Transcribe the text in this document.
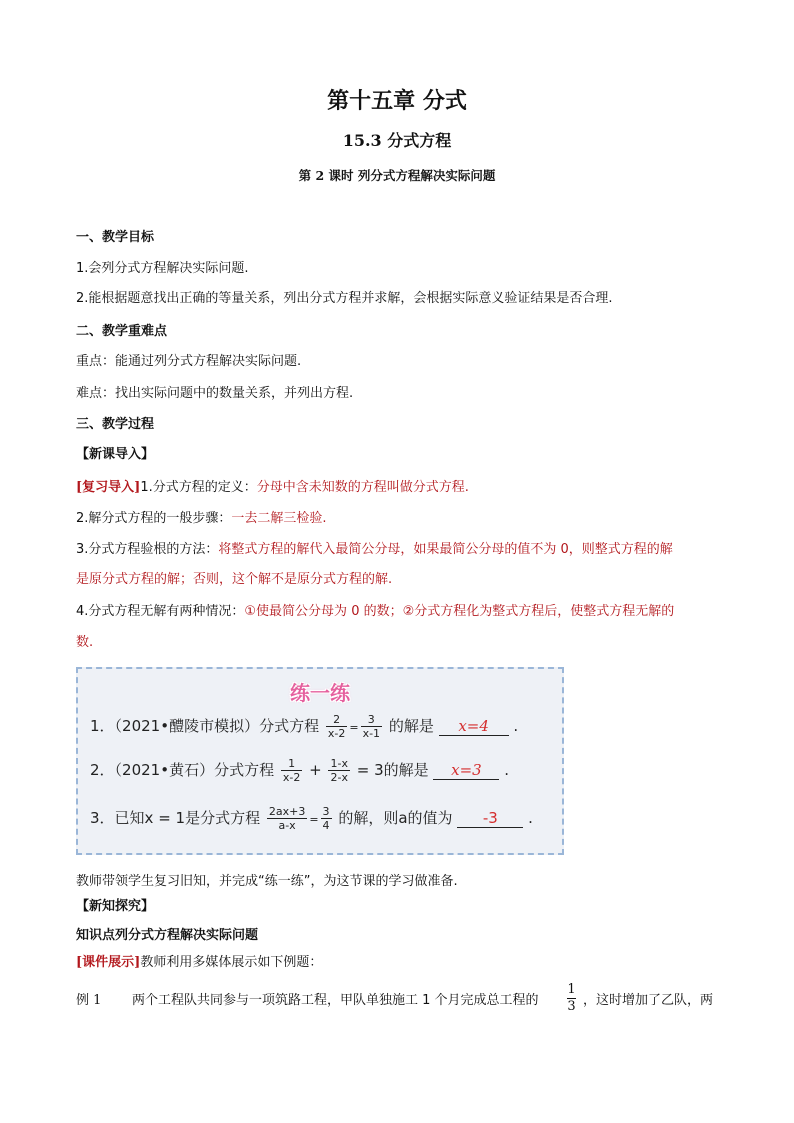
第十五章 分式
15.3 分式方程
第 2 课时 列分式方程解决实际问题
一、教学目标
1.会列分式方程解决实际问题.
2.能根据题意找出正确的等量关系，列出分式方程并求解，会根据实际意义验证结果是否合理.
二、教学重难点
重点：能通过列分式方程解决实际问题.
难点：找出实际问题中的数量关系，并列出方程.
三、教学过程
【新课导入】
[复习导入]1.分式方程的定义：分母中含未知数的方程叫做分式方程.
2.解分式方程的一般步骤：一去二解三检验.
3.分式方程验根的方法：将整式方程的解代入最简公分母，如果最简公分母的值不为 0，则整式方程的解
是原分式方程的解；否则，这个解不是原分式方程的解.
4.分式方程无解有两种情况：①使最简公分母为 0 的数；②分式方程化为整式方程后，使整式方程无解的
数.
练一练
1．（2021•醴陵市模拟）分式方程 $\frac{2}{x-2} = \frac{3}{x-1}$ 的解是 x=4 .
2．（2021•黄石）分式方程 $\frac{1}{x-2} + \frac{1-x}{2-x} = 3$的解是 x=3 .
3．已知x = 1是分式方程 $\frac{2ax+3}{a-x} = \frac{3}{4}$ 的解，则a的值为 -3 .
教师带领学生复习旧知，并完成“练一练”，为这节课的学习做准备.
【新知探究】
知识点列分式方程解决实际问题
[课件展示]教师利用多媒体展示如下例题：
例 1 两个工程队共同参与一项筑路工程，甲队单独施工 1 个月完成总工程的
1
3 ，这时增加了乙队，两
